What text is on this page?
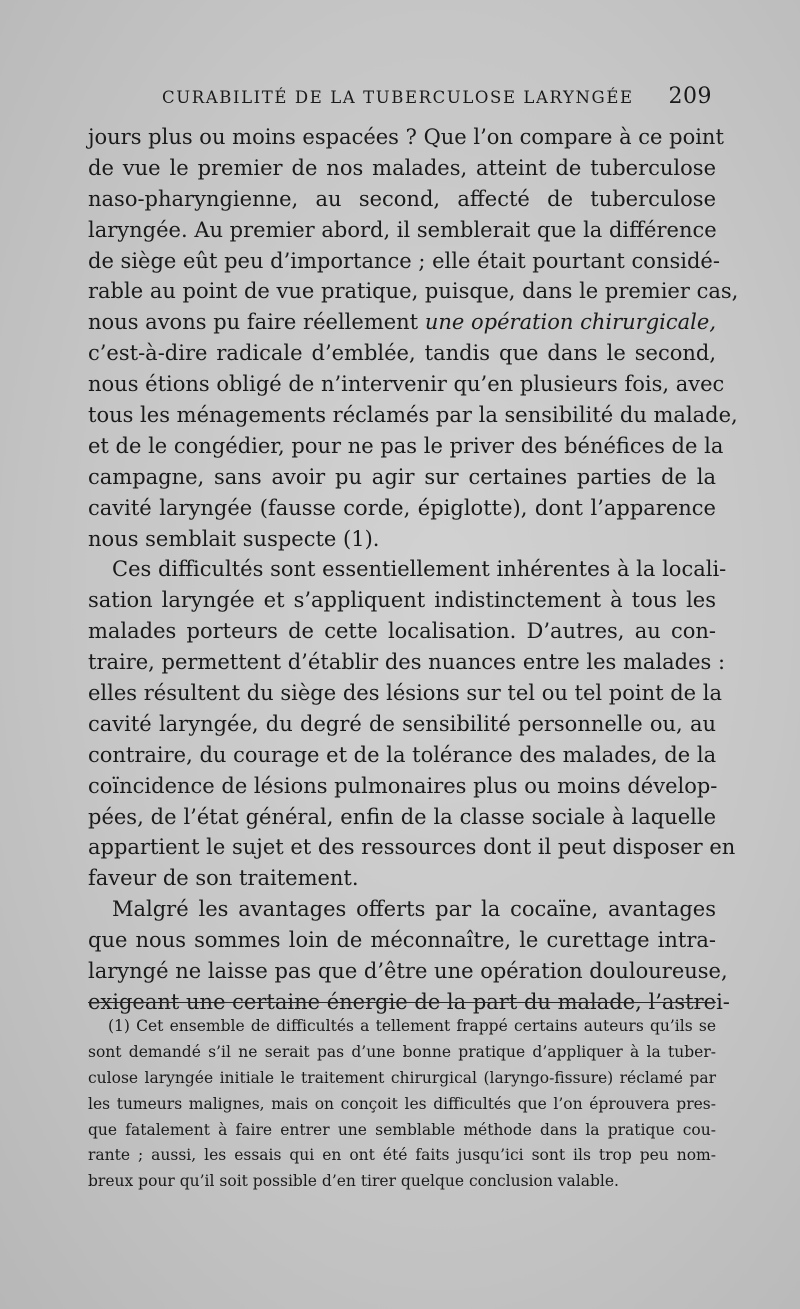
CURABILITÉ DE LA TUBERCULOSE LARYNGÉE 209
jours plus ou moins espacées ? Que l’on compare à ce point
de vue le premier de nos malades, atteint de tuberculose
naso-pharyngienne, au second, affecté de tuberculose
laryngée. Au premier abord, il semblerait que la différence
de siège eût peu d’importance ; elle était pourtant considé-
rable au point de vue pratique, puisque, dans le premier cas,
nous avons pu faire réellement une opération chirurgicale,
c’est-à-dire radicale d’emblée, tandis que dans le second,
nous étions obligé de n’intervenir qu’en plusieurs fois, avec
tous les ménagements réclamés par la sensibilité du malade,
et de le congédier, pour ne pas le priver des bénéfices de la
campagne, sans avoir pu agir sur certaines parties de la
cavité laryngée (fausse corde, épiglotte), dont l’apparence
nous semblait suspecte (1).
Ces difficultés sont essentiellement inhérentes à la locali-
sation laryngée et s’appliquent indistinctement à tous les
malades porteurs de cette localisation. D’autres, au con-
traire, permettent d’établir des nuances entre les malades :
elles résultent du siège des lésions sur tel ou tel point de la
cavité laryngée, du degré de sensibilité personnelle ou, au
contraire, du courage et de la tolérance des malades, de la
coïncidence de lésions pulmonaires plus ou moins dévelop-
pées, de l’état général, enfin de la classe sociale à laquelle
appartient le sujet et des ressources dont il peut disposer en
faveur de son traitement.
Malgré les avantages offerts par la cocaïne, avantages
que nous sommes loin de méconnaître, le curettage intra-
laryngé ne laisse pas que d’être une opération douloureuse,
exigeant une certaine énergie de la part du malade, l’astrei-
(1) Cet ensemble de difficultés a tellement frappé certains auteurs qu’ils se
sont demandé s’il ne serait pas d’une bonne pratique d’appliquer à la tuber-
culose laryngée initiale le traitement chirurgical (laryngo-fissure) réclamé par
les tumeurs malignes, mais on conçoit les difficultés que l’on éprouvera pres-
que fatalement à faire entrer une semblable méthode dans la pratique cou-
rante ; aussi, les essais qui en ont été faits jusqu’ici sont ils trop peu nom-
breux pour qu’il soit possible d’en tirer quelque conclusion valable.
